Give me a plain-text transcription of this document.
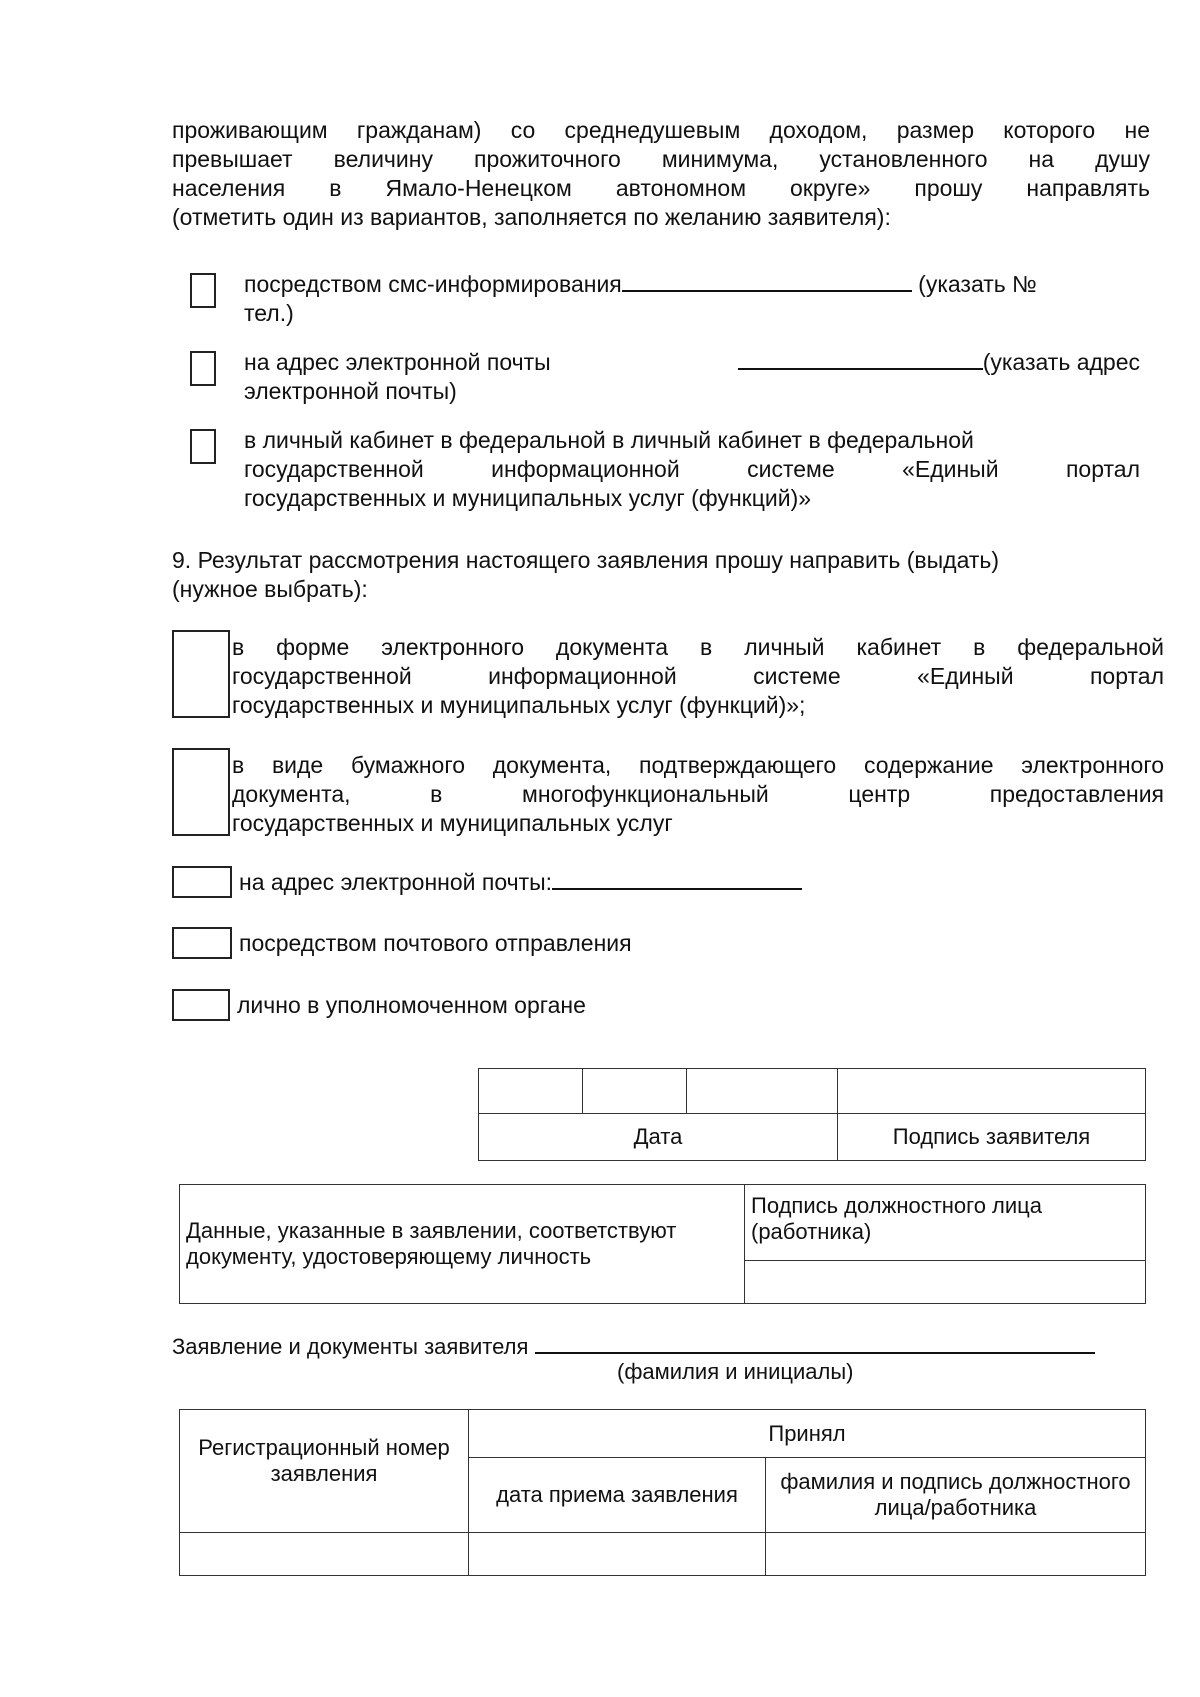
проживающим гражданам) со среднедушевым доходом, размер которого не
превышает величину прожиточного минимума, установленного на душу
населения в Ямало-Ненецком автономном округе» прошу направлять
(отметить один из вариантов, заполняется по желанию заявителя):
посредством смс-информирования	(указать №
тел.)
на адрес электронной почты	(указать адрес
электронной почты)
в личный кабинет в федеральной в личный кабинет в федеральной
государственной информационной системе «Единый портал
государственных и муниципальных услуг (функций)»
9. Результат рассмотрения настоящего заявления прошу направить (выдать)
(нужное выбрать):
в форме электронного документа в личный кабинет в федеральной
государственной информационной системе «Единый портал
государственных и муниципальных услуг (функций)»;
в виде бумажного документа, подтверждающего содержание электронного
документа, в многофункциональный центр предоставления
государственных и муниципальных услуг
на адрес электронной почты:
посредством почтового отправления
лично в уполномоченном органе

Дата			Подпись заявителя
Данные, указанные в заявлении, соответствуют документу, удостоверяющему личность	Подпись должностного лица (работника)

Заявление и документы заявителя
(фамилия и инициалы)
Регистрационный номер заявления	Принял	
	дата приема заявления	фамилия и подпись должностного лица/работника
